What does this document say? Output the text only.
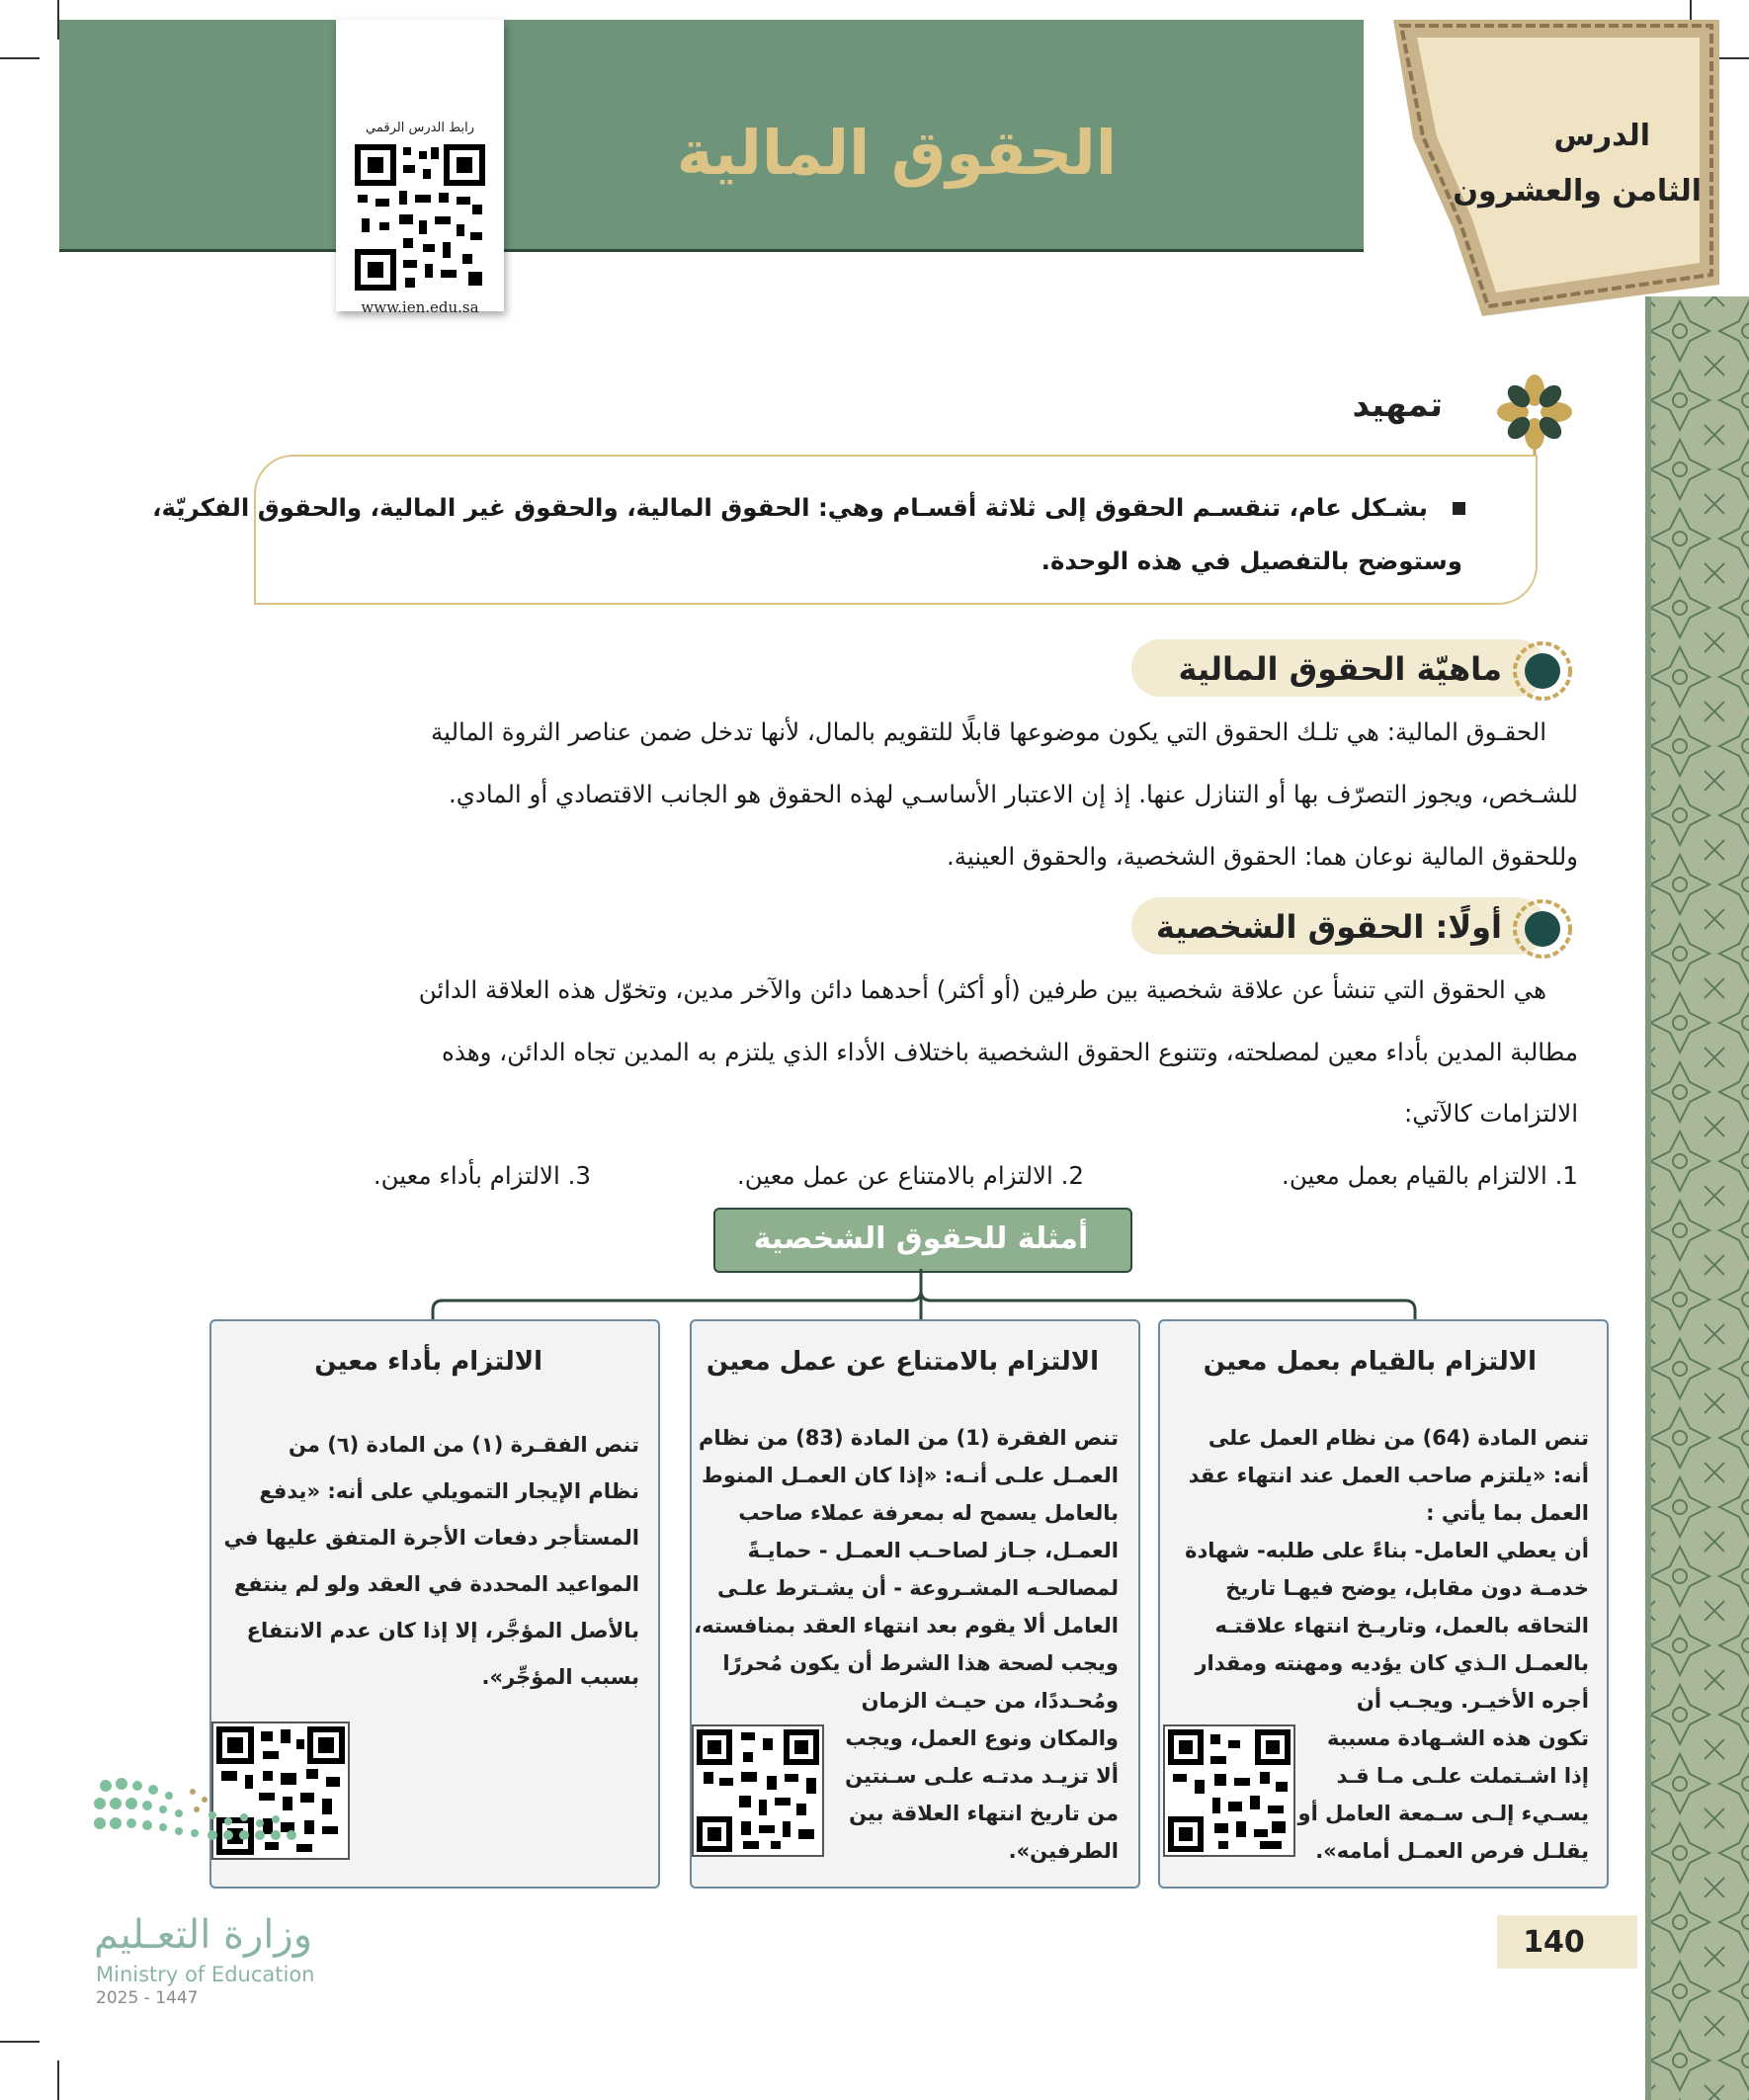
الحقوق المالية	الدرس
الثامن والعشرون
رابط الدرس الرقمي
www.ien.edu.sa
تمهيد
بشـكل عام، تنقسـم الحقوق إلى ثلاثة أقسـام وهي: الحقوق المالية، والحقوق غير المالية، والحقوق الفكريّة،
وستوضح بالتفصيل في هذه الوحدة.
ماهيّة الحقوق المالية
الحقـوق المالية: هي تلـك الحقوق التي يكون موضوعها قابلًا للتقويم بالمال، لأنها تدخل ضمن عناصر الثروة المالية
للشـخص، ويجوز التصرّف بها أو التنازل عنها. إذ إن الاعتبار الأساسـي لهذه الحقوق هو الجانب الاقتصادي أو المادي.
وللحقوق المالية نوعان هما: الحقوق الشخصية، والحقوق العينية.
أولًا: الحقوق الشخصية
هي الحقوق التي تنشأ عن علاقة شخصية بين طرفين (أو أكثر) أحدهما دائن والآخر مدين، وتخوّل هذه العلاقة الدائن
مطالبة المدين بأداء معين لمصلحته، وتتنوع الحقوق الشخصية باختلاف الأداء الذي يلتزم به المدين تجاه الدائن، وهذه
الالتزامات كالآتي:
1. الالتزام بالقيام بعمل معين.
2. الالتزام بالامتناع عن عمل معين.
3. الالتزام بأداء معين.
أمثلة للحقوق الشخصية
الالتزام بالقيام بعمل معين
تنص المادة (64) من نظام العمل على
أنه: «يلتزم صاحب العمل عند انتهاء عقد
العمل بما يأتي :
أن يعطي العامل- بناءً على طلبه- شهادة
خدمـة دون مقابل، يوضح فيهـا تاريخ
التحاقه بالعمل، وتاريـخ انتهاء علاقتـه
بالعمـل الـذي كان يؤديه ومهنته ومقدار
أجره الأخيـر. ويجـب أن
تكون هذه الشـهادة مسببة
إذا اشـتملت علـى مـا قـد
يسـيء إلـى سـمعة العامل أو
يقلـل فرص العمـل أمامه».
الالتزام بالامتناع عن عمل معين
تنص الفقرة (1) من المادة (83) من نظام
العمـل علـى أنـه: «إذا كان العمـل المنوط
بالعامل يسمح له بمعرفة عملاء صاحب
العمـل، جـاز لصاحـب العمـل - حمايـةً
لمصالحـه المشـروعة - أن يشـترط علـى
العامل ألا يقوم بعد انتهاء العقد بمنافسته،
ويجب لصحة هذا الشرط أن يكون مُحررًا
ومُحـددًا، من حيـث الزمان
والمكان ونوع العمل، ويجب
ألا تزيـد مدتـه علـى سـنتين
من تاريخ انتهاء العلاقة بين
الطرفين».
الالتزام بأداء معين
تنص الفقـرة (١) من المادة (٦) من
نظام الإيجار التمويلي على أنه: «يدفع
المستأجر دفعات الأجرة المتفق عليها في
المواعيد المحددة في العقد ولو لم ينتفع
بالأصل المؤجَّر، إلا إذا كان عدم الانتفاع
بسبب المؤجِّر».
وزارة التعـليم
Ministry of Education
2025 - 1447
140
